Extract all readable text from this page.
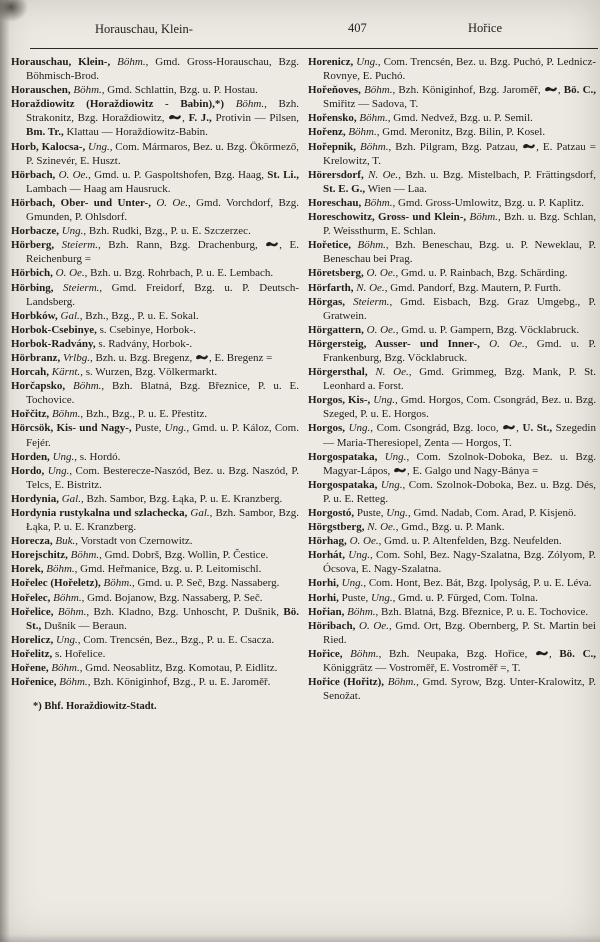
Horauschau, Klein-	407	Hořice

Horauschau, Klein-, Böhm., Gmd. Gross-Horauschau, Bzg. Böhmisch-Brod.

Horauschen, Böhm., Gmd. Schlattin, Bzg. u. P. Hostau.

Horaždiowitz (Horaždiowitz - Babin),*) Böhm., Bzh. Strakonitz, Bzg. Horaždiowitz,
, F. J., Protivin — Pilsen, Bm. Tr., Klattau — Horaždiowitz-Babin.

Horb, Kalocsa-, Ung., Com. Mármaros, Bez. u. Bzg. Ökörmező, P. Szinevér, E. Huszt.

Hörbach, O. Oe., Gmd. u. P. Gaspoltshofen, Bzg. Haag, St. Li., Lambach — Haag am Hausruck.

Hörbach, Ober- und Unter-, O. Oe., Gmd. Vorchdorf, Bzg. Gmunden, P. Ohlsdorf.

Horbacze, Ung., Bzh. Rudki, Bzg., P. u. E. Szczerzec.

Hörberg, Steierm., Bzh. Rann, Bzg. Drachenburg,
, E. Reichenburg =

Hörbich, O. Oe., Bzh. u. Bzg. Rohrbach, P. u. E. Lembach.

Hörbing, Steierm., Gmd. Freidorf, Bzg. u. P. Deutsch-Landsberg.

Horbków, Gal., Bzh., Bzg., P. u. E. Sokal.

Horbok-Csebinye, s. Csebinye, Horbok-.

Horbok-Radvány, s. Radvány, Horbok-.

Hörbranz, Vrlbg., Bzh. u. Bzg. Bregenz,
, E. Bregenz =

Horcah, Kärnt., s. Wurzen, Bzg. Völkermarkt.

Horčapsko, Böhm., Bzh. Blatná, Bzg. Březnice, P. u. E. Tochovice.

Hořčitz, Böhm., Bzh., Bzg., P. u. E. Přestitz.

Hörcsök, Kis- und Nagy-, Puste, Ung., Gmd. u. P. Káloz, Com. Fejér.

Horden, Ung., s. Hordó.

Hordo, Ung., Com. Besterecze-Naszód, Bez. u. Bzg. Naszód, P. Telcs, E. Bistritz.

Hordynia, Gal., Bzh. Sambor, Bzg. Łąka, P. u. E. Kranzberg.

Hordynia rustykalna und szlachecka, Gal., Bzh. Sambor, Bzg. Łąka, P. u. E. Kranzberg.

Horecza, Buk., Vorstadt von Czernowitz.

Horejschitz, Böhm., Gmd. Dobrš, Bzg. Wollin, P. Čestice.

Horek, Böhm., Gmd. Heřmanice, Bzg. u. P. Leitomischl.

Hořelec (Hořeletz), Böhm., Gmd. u. P. Seč, Bzg. Nassaberg.

Hořelec, Böhm., Gmd. Bojanow, Bzg. Nassaberg, P. Seč.

Hořelice, Böhm., Bzh. Kladno, Bzg. Unhoscht, P. Dušnik, Bö. St., Dušnik — Beraun.

Horelicz, Ung., Com. Trencsén, Bez., Bzg., P. u. E. Csacza.

Hořelitz, s. Hořelice.

Hořene, Böhm., Gmd. Neosablitz, Bzg. Komotau, P. Eidlitz.

Hořenice, Böhm., Bzh. Königinhof, Bzg., P. u. E. Jaroměř.

*) Bhf. Horaždiowitz-Stadt.

Horenicz, Ung., Com. Trencsén, Bez. u. Bzg. Puchó, P. Lednicz-Rovnye, E. Puchó.

Hořeňoves, Böhm., Bzh. Königinhof, Bzg. Jaroměř,
, Bö. C., Smiřitz — Sadova, T.

Hořensko, Böhm., Gmd. Nedvež, Bzg. u. P. Semil.

Hořenz, Böhm., Gmd. Meronitz, Bzg. Bilin, P. Kosel.

Hořepnik, Böhm., Bzh. Pilgram, Bzg. Patzau,
, E. Patzau = Krelowitz, T.

Hörersdorf, N. Oe., Bzh. u. Bzg. Mistelbach, P. Frättingsdorf, St. E. G., Wien — Laa.

Horeschau, Böhm., Gmd. Gross-Umlowitz, Bzg. u. P. Kaplitz.

Horeschowitz, Gross- und Klein-, Böhm., Bzh. u. Bzg. Schlan, P. Weissthurm, E. Schlan.

Hořetice, Böhm., Bzh. Beneschau, Bzg. u. P. Neweklau, P. Beneschau bei Prag.

Höretsberg, O. Oe., Gmd. u. P. Rainbach, Bzg. Schärding.

Hörfarth, N. Oe., Gmd. Pandorf, Bzg. Mautern, P. Furth.

Hörgas, Steierm., Gmd. Eisbach, Bzg. Graz Umgebg., P. Gratwein.

Hörgattern, O. Oe., Gmd. u. P. Gampern, Bzg. Vöcklabruck.

Hörgersteig, Ausser- und Inner-, O. Oe., Gmd. u. P. Frankenburg, Bzg. Vöcklabruck.

Hörgersthal, N. Oe., Gmd. Grimmeg, Bzg. Mank, P. St. Leonhard a. Forst.

Horgos, Kis-, Ung., Gmd. Horgos, Com. Csongrád, Bez. u. Bzg. Szeged, P. u. E. Horgos.

Horgos, Ung., Com. Csongrád, Bzg. loco,
, U. St., Szegedin — Maria-Theresiopel, Zenta — Horgos, T.

Horgospataka, Ung., Com. Szolnok-Doboka, Bez. u. Bzg. Magyar-Lápos,
, E. Galgo und Nagy-Bánya =

Horgospataka, Ung., Com. Szolnok-Doboka, Bez. u. Bzg. Dés, P. u. E. Retteg.

Horgostó, Puste, Ung., Gmd. Nadab, Com. Arad, P. Kisjenö.

Hörgstberg, N. Oe., Gmd., Bzg. u. P. Mank.

Hörhag, O. Oe., Gmd. u. P. Altenfelden, Bzg. Neufelden.

Horhát, Ung., Com. Sohl, Bez. Nagy-Szalatna, Bzg. Zólyom, P. Ócsova, E. Nagy-Szalatna.

Horhi, Ung., Com. Hont, Bez. Bát, Bzg. Ipolyság, P. u. E. Léva.

Horhi, Puste, Ung., Gmd. u. P. Fürged, Com. Tolna.

Hořian, Böhm., Bzh. Blatná, Bzg. Březnice, P. u. E. Tochovice.

Höribach, O. Oe., Gmd. Ort, Bzg. Obernberg, P. St. Martin bei Ried.

Hořice, Böhm., Bzh. Neupaka, Bzg. Hořice,
, Bö. C., Königgrätz — Vostroměř, E. Vostroměř =, T.

Hořice (Hořitz), Böhm., Gmd. Syrow, Bzg. Unter-Kralowitz, P. Senožat.
